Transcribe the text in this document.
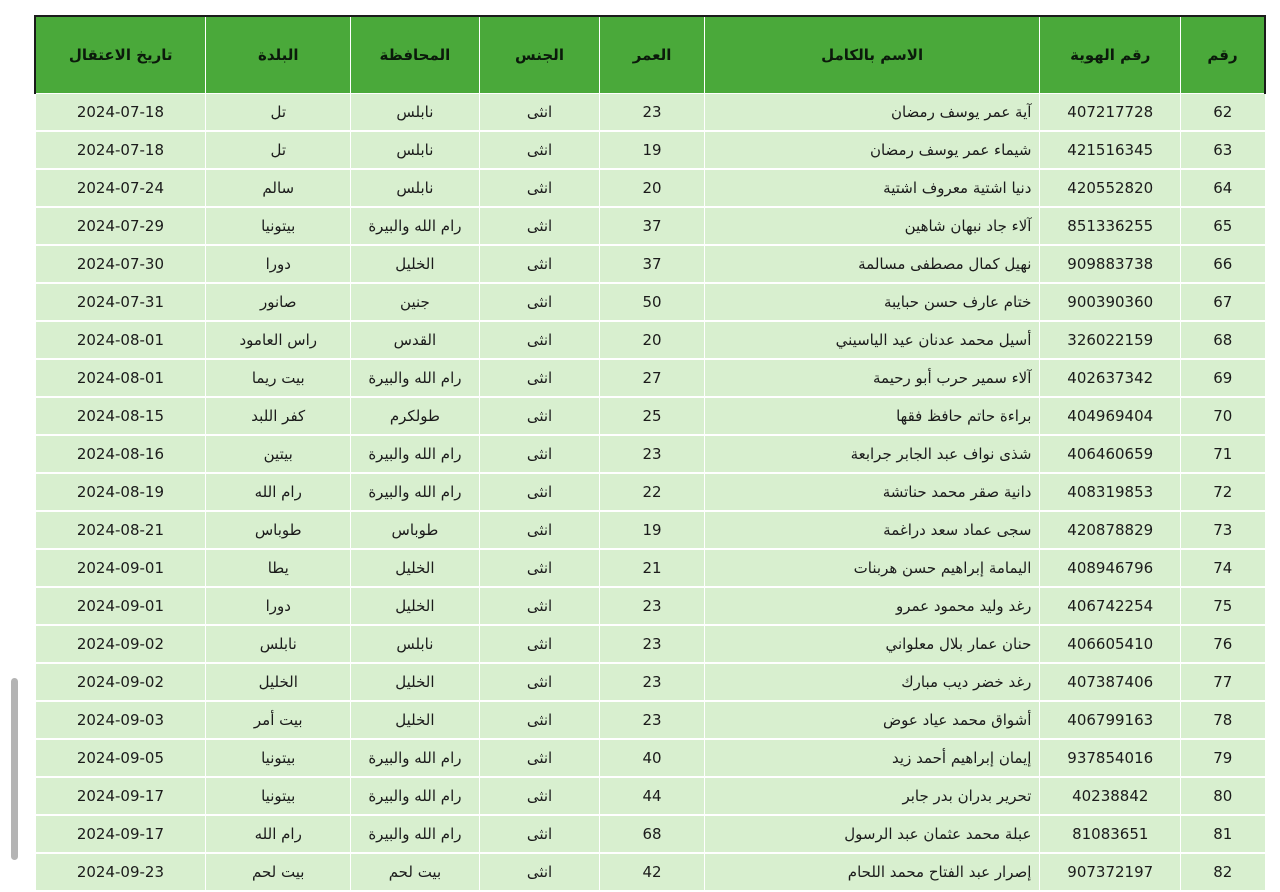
رقم	رقم الهوية	الاسم بالكامل	العمر	الجنس	المحافظة	البلدة	تاريخ الاعتقال
62	407217728	آية عمر يوسف رمضان	23	انثى	نابلس	تل	2024-07-18
63	421516345	شيماء عمر يوسف رمضان	19	انثى	نابلس	تل	2024-07-18
64	420552820	دنيا اشتية معروف اشتية	20	انثى	نابلس	سالم	2024-07-24
65	851336255	آلاء جاد نبهان شاهين	37	انثى	رام الله والبيرة	بيتونيا	2024-07-29
66	909883738	نهيل كمال مصطفى مسالمة	37	انثى	الخليل	دورا	2024-07-30
67	900390360	ختام عارف حسن حبايبة	50	انثى	جنين	صانور	2024-07-31
68	326022159	أسيل محمد عدنان عيد الياسيني	20	انثى	القدس	راس العامود	2024-08-01
69	402637342	آلاء سمير حرب أبو رحيمة	27	انثى	رام الله والبيرة	بيت ريما	2024-08-01
70	404969404	براءة حاتم حافظ فقها	25	انثى	طولكرم	كفر اللبد	2024-08-15
71	406460659	شذى نواف عبد الجابر جرابعة	23	انثى	رام الله والبيرة	بيتين	2024-08-16
72	408319853	دانية صقر محمد حناتشة	22	انثى	رام الله والبيرة	رام الله	2024-08-19
73	420878829	سجى عماد سعد دراغمة	19	انثى	طوباس	طوباس	2024-08-21
74	408946796	اليمامة إبراهيم حسن هربنات	21	انثى	الخليل	يطا	2024-09-01
75	406742254	رغد وليد محمود عمرو	23	انثى	الخليل	دورا	2024-09-01
76	406605410	حنان عمار بلال معلواني	23	انثى	نابلس	نابلس	2024-09-02
77	407387406	رغد خضر ديب مبارك	23	انثى	الخليل	الخليل	2024-09-02
78	406799163	أشواق محمد عياد عوض	23	انثى	الخليل	بيت أمر	2024-09-03
79	937854016	إيمان إبراهيم أحمد زيد	40	انثى	رام الله والبيرة	بيتونيا	2024-09-05
80	40238842	تحرير بدران بدر جابر	44	انثى	رام الله والبيرة	بيتونيا	2024-09-17
81	81083651	عبلة محمد عثمان عبد الرسول	68	انثى	رام الله والبيرة	رام الله	2024-09-17
82	907372197	إصرار عبد الفتاح محمد اللحام	42	انثى	بيت لحم	بيت لحم	2024-09-23
